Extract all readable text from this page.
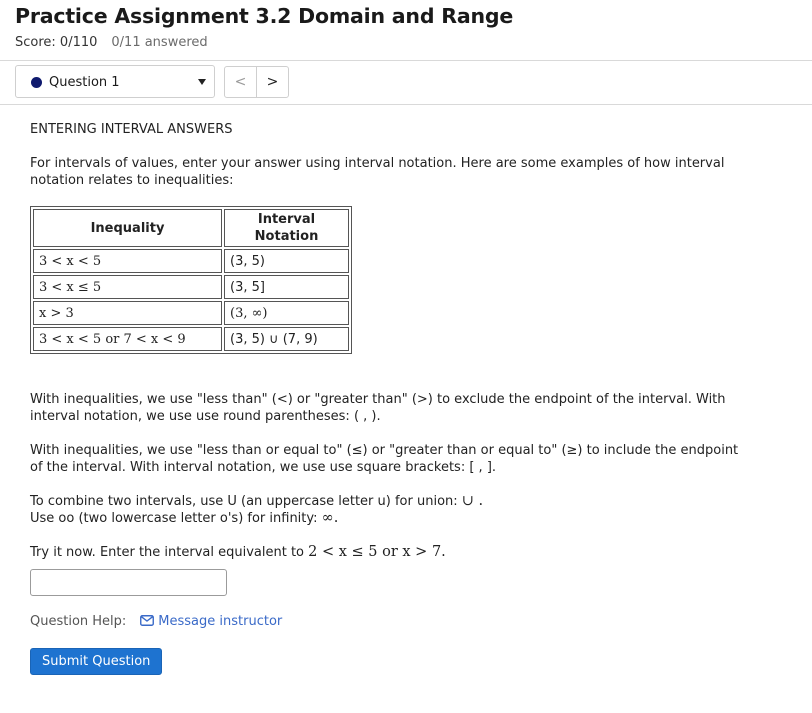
Practice Assignment 3.2 Domain and Range
Score: 0/110 0/11 answered
Question 1	<	>

ENTERING INTERVAL ANSWERS

For intervals of values, enter your answer using interval notation. Here are some examples of how interval notation relates to inequalities:

Inequality	Interval Notation
3 < x < 5	(3, 5)
3 < x ≤ 5	(3, 5]
x > 3	(3, ∞)
3 < x < 5 or 7 < x < 9	(3, 5) ∪ (7, 9)

With inequalities, we use "less than" (<) or "greater than" (>) to exclude the endpoint of the interval. With interval notation, we use use round parentheses: ( , ).

With inequalities, we use "less than or equal to" (≤) or "greater than or equal to" (≥) to include the endpoint of the interval. With interval notation, we use use square brackets: [ , ].

To combine two intervals, use U (an uppercase letter u) for union: ∪ .

Use oo (two lowercase letter o's) for infinity: ∞.

Try it now. Enter the interval equivalent to 2 < x ≤ 5 or x > 7.

Question Help: Message instructor

Submit Question
